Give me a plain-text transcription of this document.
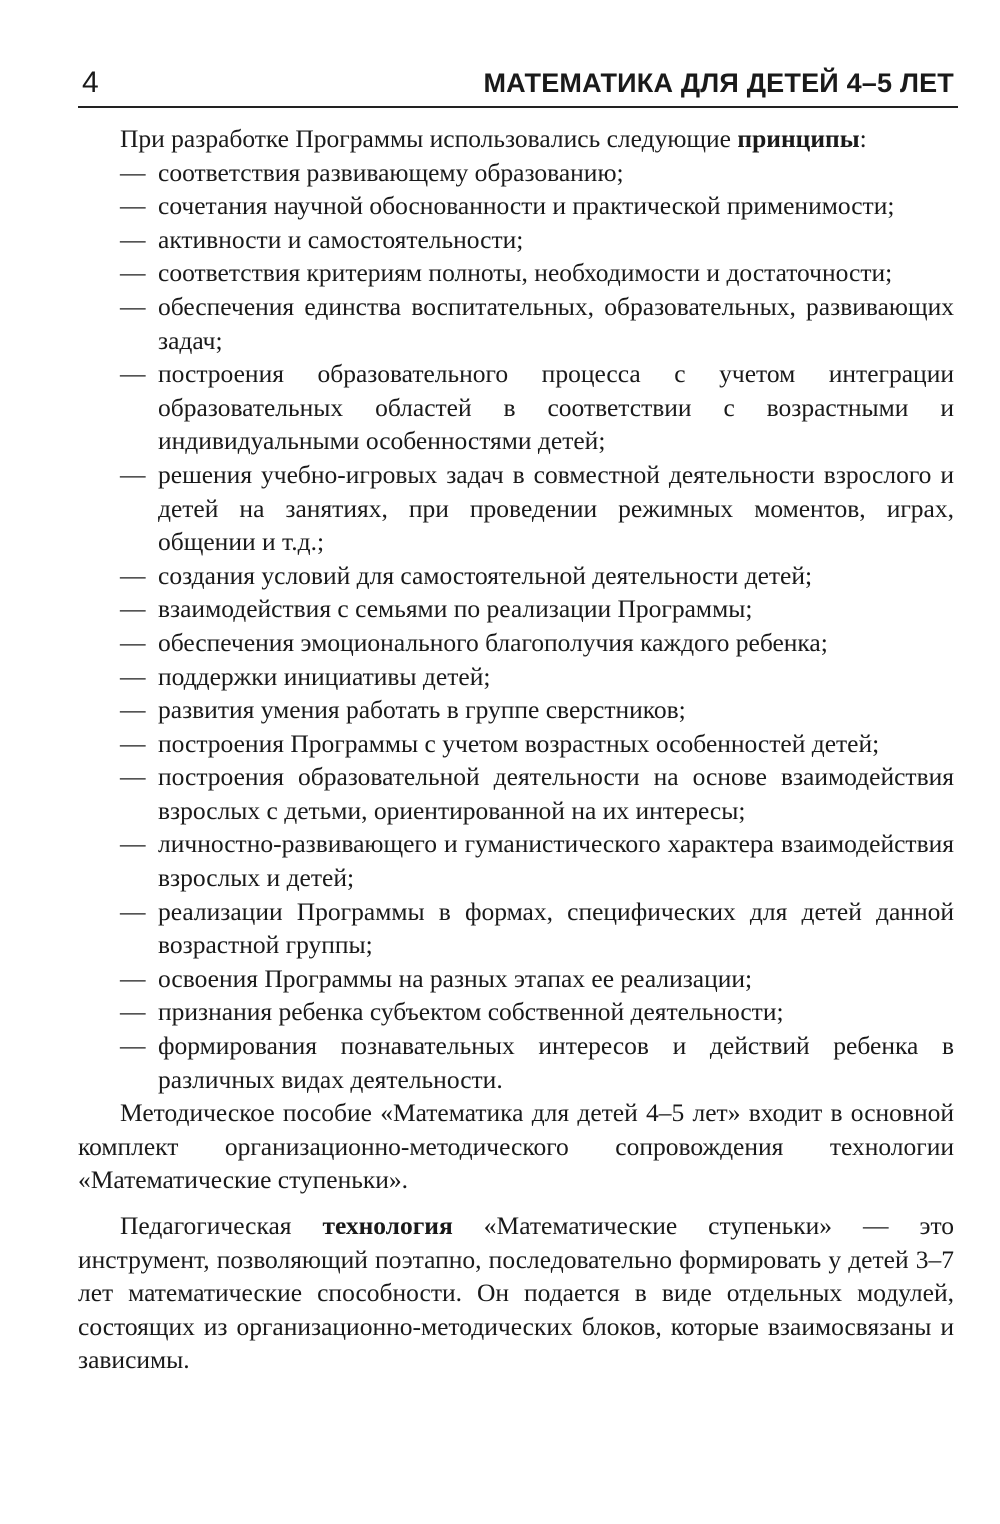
4	МАТЕМАТИКА ДЛЯ ДЕТЕЙ 4–5 ЛЕТ

При разработке Программы использовались следующие принципы:

— соответствия развивающему образованию;
— сочетания научной обоснованности и практической применимости;
— активности и самостоятельности;
— соответствия критериям полноты, необходимости и достаточности;
— обеспечения единства воспитательных, образовательных, развивающих задач;
— построения образовательного процесса с учетом интеграции образовательных областей в соответствии с возрастными и индивидуальными особенностями детей;
— решения учебно-игровых задач в совместной деятельности взрослого и детей на занятиях, при проведении режимных моментов, играх, общении и т.д.;
— создания условий для самостоятельной деятельности детей;
— взаимодействия с семьями по реализации Программы;
— обеспечения эмоционального благополучия каждого ребенка;
— поддержки инициативы детей;
— развития умения работать в группе сверстников;
— построения Программы с учетом возрастных особенностей детей;
— построения образовательной деятельности на основе взаимодействия взрослых с детьми, ориентированной на их интересы;
— личностно-развивающего и гуманистического характера взаимодействия взрослых и детей;
— реализации Программы в формах, специфических для детей данной возрастной группы;
— освоения Программы на разных этапах ее реализации;
— признания ребенка субъектом собственной деятельности;
— формирования познавательных интересов и действий ребенка в различных видах деятельности.

Методическое пособие «Математика для детей 4–5 лет» входит в основной комплект организационно-методического сопровождения технологии «Математические ступеньки».

Педагогическая технология «Математические ступеньки» — это инструмент, позволяющий поэтапно, последовательно формировать у детей 3–7 лет математические способности. Он подается в виде отдельных модулей, состоящих из организационно-методических блоков, которые взаимосвязаны и зависимы.
